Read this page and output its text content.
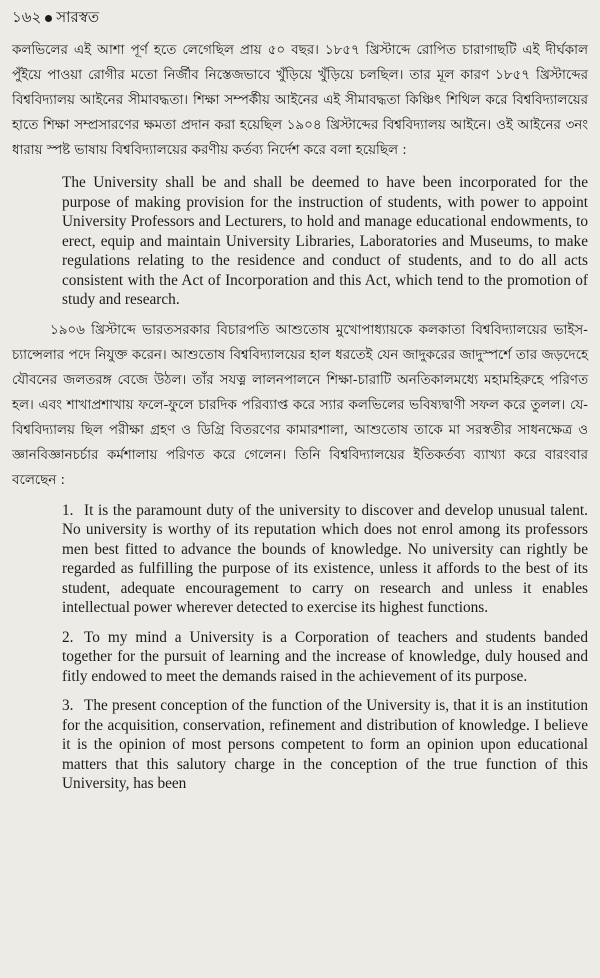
১৬২ সারস্বত

কলভিলের এই আশা পূর্ণ হতে লেগেছিল প্রায় ৫০ বছর। ১৮৫৭ খ্রিস্টাব্দে রোপিত চারাগাছটি এই দীর্ঘকাল পুঁইয়ে পাওয়া রোগীর মতো নির্জীব নিস্তেজভাবে খুঁড়িয়ে খুঁড়িয়ে চলছিল। তার মূল কারণ ১৮৫৭ খ্রিস্টাব্দের বিশ্ববিদ্যালয় আইনের সীমাবদ্ধতা। শিক্ষা সম্পর্কীয় আইনের এই সীমাবদ্ধতা কিঞ্চিৎ শিথিল করে বিশ্ববিদ্যালয়ের হাতে শিক্ষা সম্প্রসারণের ক্ষমতা প্রদান করা হয়েছিল ১৯০৪ খ্রিস্টাব্দের বিশ্ববিদ্যালয় আইনে। ওই আইনের ৩নং ধারায় স্পষ্ট ভাষায় বিশ্ববিদ্যালয়ের করণীয় কর্তব্য নির্দেশ করে বলা হয়েছিল :

The University shall be and shall be deemed to have been incorporated for the purpose of making provision for the instruction of students, with power to appoint University Professors and Lecturers, to hold and manage educational endowments, to erect, equip and maintain University Libraries, Laboratories and Museums, to make regulations relating to the residence and conduct of students, and to do all acts consistent with the Act of Incorporation and this Act, which tend to the promotion of study and research.

১৯০৬ খ্রিস্টাব্দে ভারতসরকার বিচারপতি আশুতোষ মুখোপাধ্যায়কে কলকাতা বিশ্ববিদ্যালয়ের ভাইস-চ্যান্সেলার পদে নিযুক্ত করেন। আশুতোষ বিশ্ববিদ্যালয়ের হাল ধরতেই যেন জাদুকরের জাদুস্পর্শে তার জড়দেহে যৌবনের জলতরঙ্গ বেজে উঠল। তাঁর সযত্ন লালনপালনে শিক্ষা-চারাটি অনতিকালমধ্যে মহামহিরুহে পরিণত হল। এবং শাখাপ্রশাখায় ফলে-ফুলে চারদিক পরিব্যাপ্ত করে স্যার কলভিলের ভবিষ্যদ্বাণী সফল করে তুলল। যে-বিশ্ববিদ্যালয় ছিল পরীক্ষা গ্রহণ ও ডিগ্রি বিতরণের কামারশালা, আশুতোষ তাকে মা সরস্বতীর সাধনক্ষেত্র ও জ্ঞানবিজ্ঞানচর্চার কর্মশালায় পরিণত করে গেলেন। তিনি বিশ্ববিদ্যালয়ের ইতিকর্তব্য ব্যাখ্যা করে বারংবার বলেছেন :

1. It is the paramount duty of the university to discover and develop unusual talent. No university is worthy of its reputation which does not enrol among its professors men best fitted to advance the bounds of knowledge. No university can rightly be regarded as fulfilling the purpose of its existence, unless it affords to the best of its student, adequate encouragement to carry on research and unless it enables intellectual power wherever detected to exercise its highest functions.
2. To my mind a University is a Corporation of teachers and students banded together for the pursuit of learning and the increase of knowledge, duly housed and fitly endowed to meet the demands raised in the achievement of its purpose.
3. The present conception of the function of the University is, that it is an institution for the acquisition, conservation, refinement and distribution of knowledge. I believe it is the opinion of most persons competent to form an opinion upon educational matters that this salutory charge in the conception of the true function of this University, has been
